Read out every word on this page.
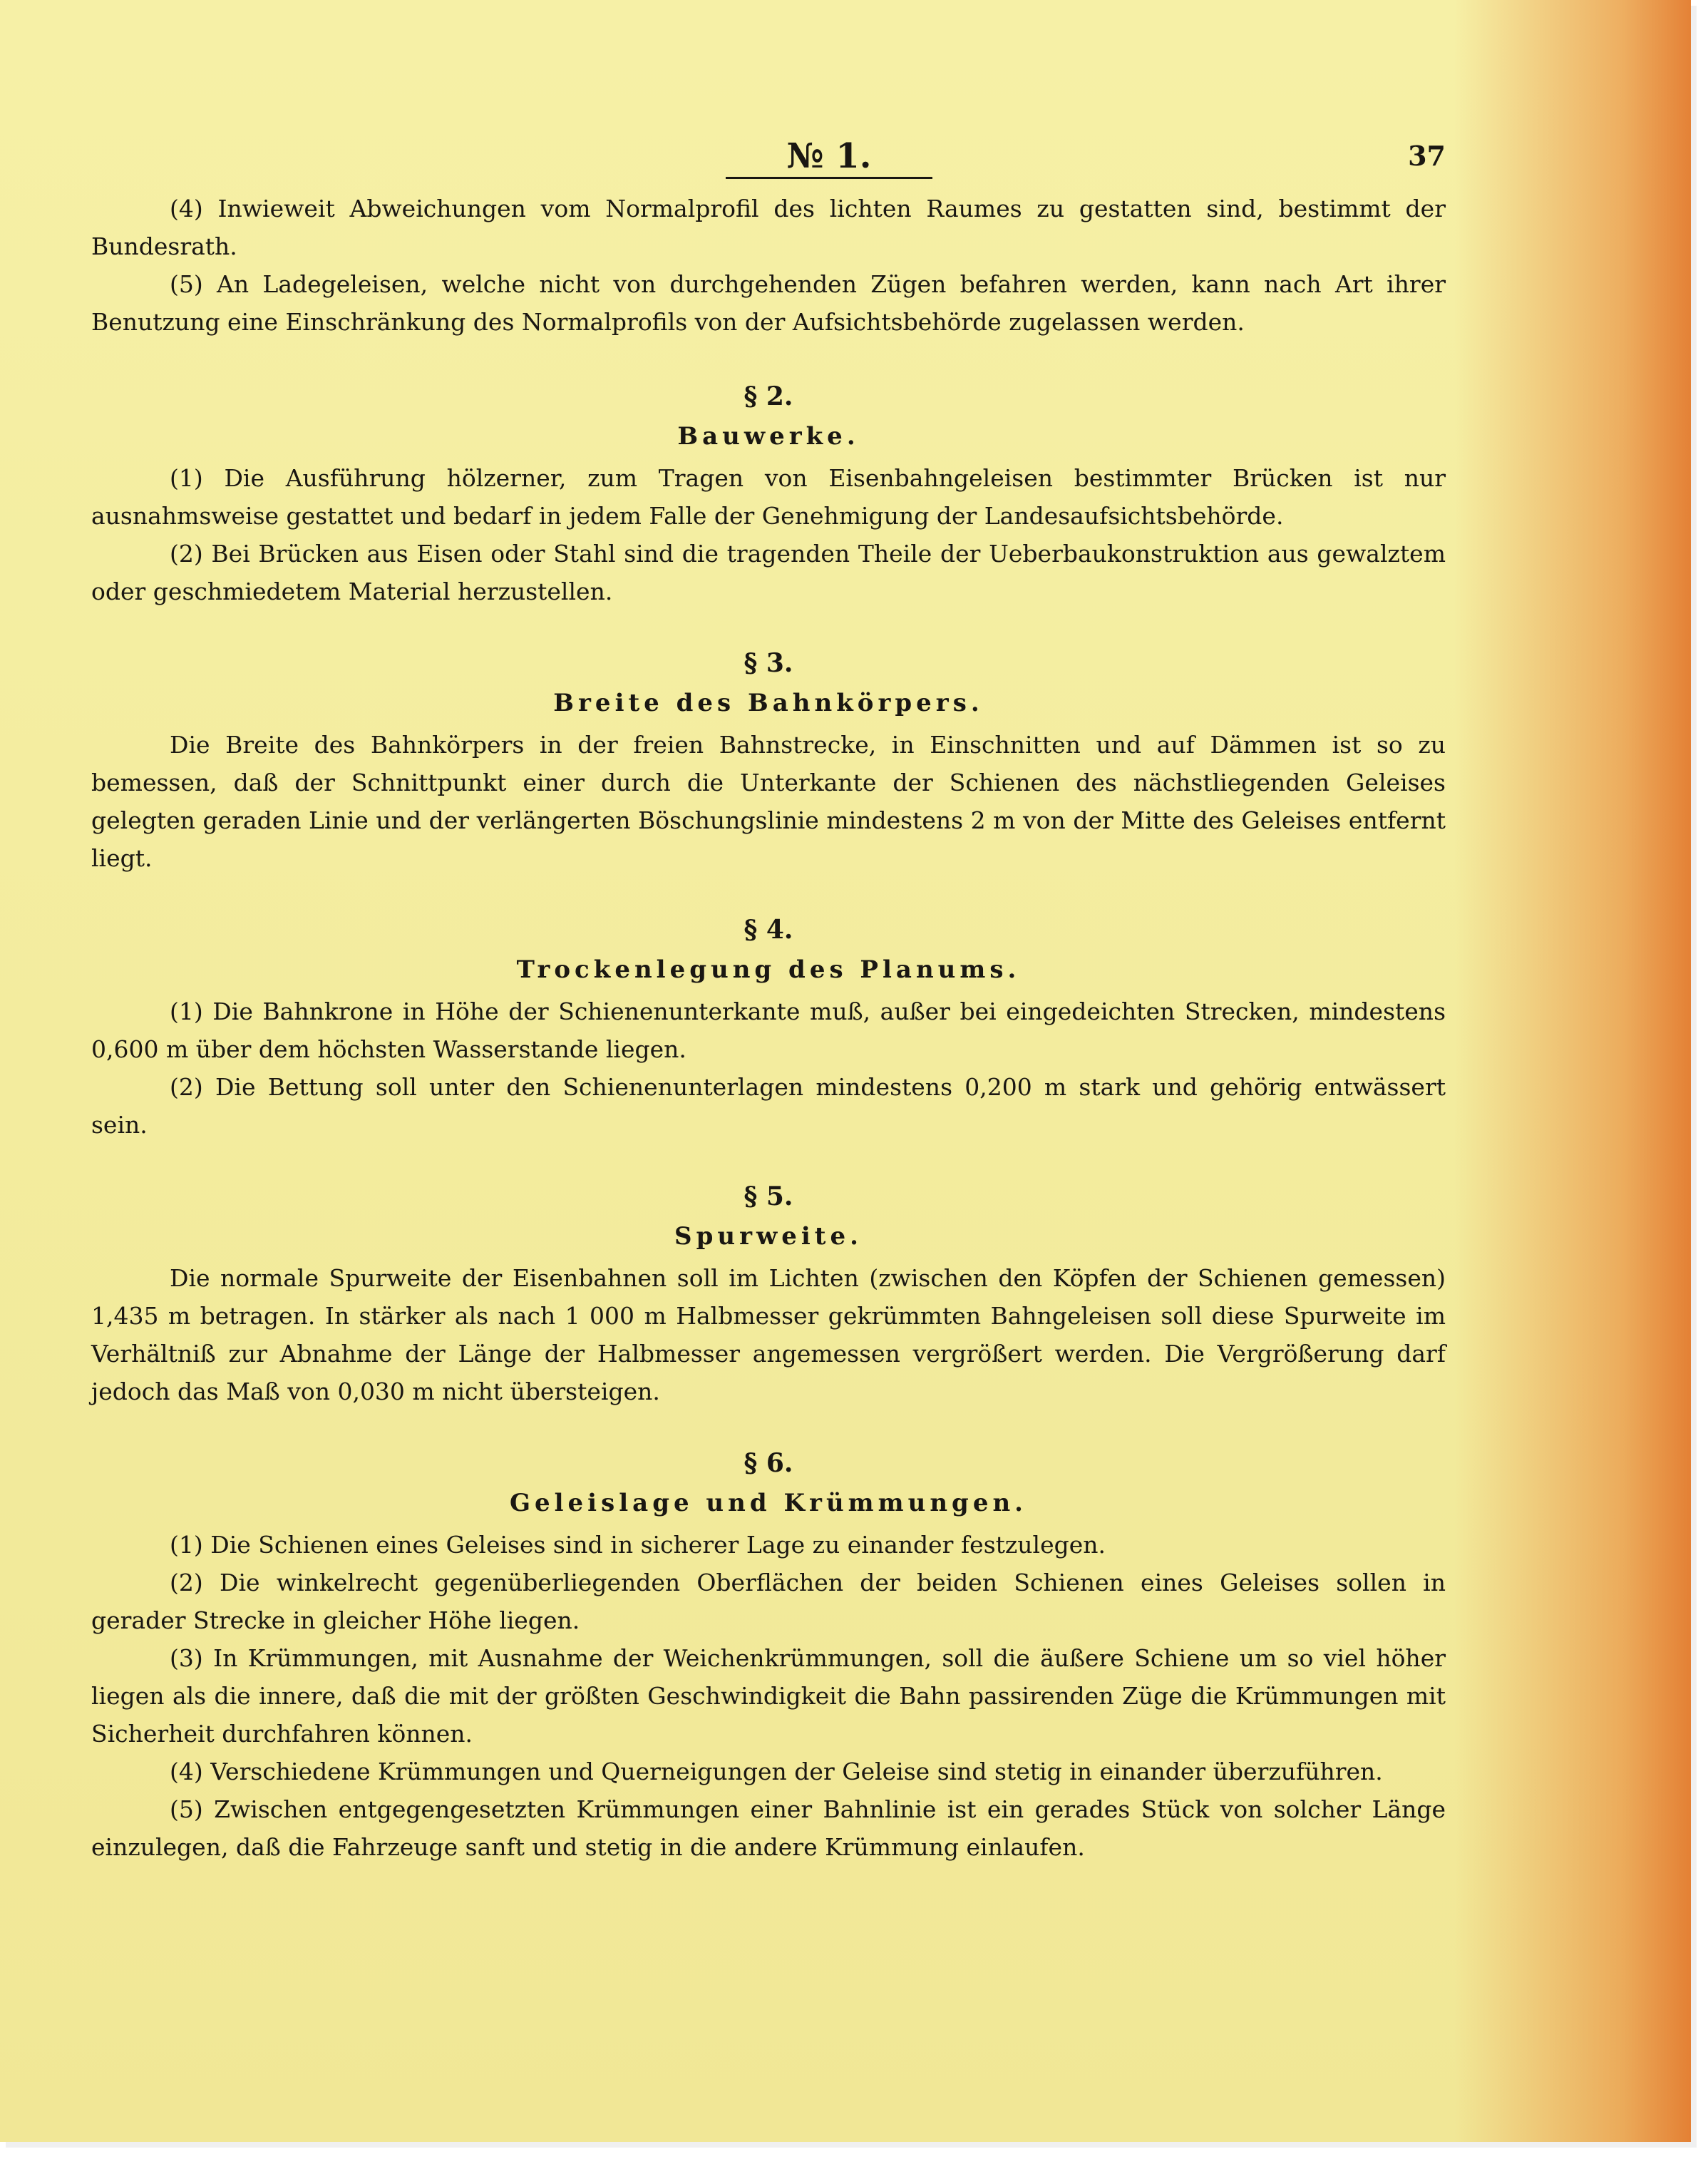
№ 1.	37

(4) Inwieweit Abweichungen vom Normalprofil des lichten Raumes zu gestatten sind, bestimmt der Bundesrath.

(5) An Ladegeleisen, welche nicht von durchgehenden Zügen befahren werden, kann nach Art ihrer Benutzung eine Einschränkung des Normalprofils von der Aufsichtsbehörde zugelassen werden.

§ 2.

Bauwerke.

(1) Die Ausführung hölzerner, zum Tragen von Eisenbahngeleisen bestimmter Brücken ist nur ausnahmsweise gestattet und bedarf in jedem Falle der Genehmigung der Landesaufsichtsbehörde.

(2) Bei Brücken aus Eisen oder Stahl sind die tragenden Theile der Ueberbaukonstruktion aus gewalztem oder geschmiedetem Material herzustellen.

§ 3.

Breite des Bahnkörpers.

Die Breite des Bahnkörpers in der freien Bahnstrecke, in Einschnitten und auf Dämmen ist so zu bemessen, daß der Schnittpunkt einer durch die Unterkante der Schienen des nächstliegenden Geleises gelegten geraden Linie und der verlängerten Böschungslinie mindestens 2 m von der Mitte des Geleises entfernt liegt.

§ 4.

Trockenlegung des Planums.

(1) Die Bahnkrone in Höhe der Schienenunterkante muß, außer bei eingedeichten Strecken, mindestens 0,600 m über dem höchsten Wasserstande liegen.

(2) Die Bettung soll unter den Schienenunterlagen mindestens 0,200 m stark und gehörig entwässert sein.

§ 5.

Spurweite.

Die normale Spurweite der Eisenbahnen soll im Lichten (zwischen den Köpfen der Schienen gemessen) 1,435 m betragen. In stärker als nach 1 000 m Halbmesser gekrümmten Bahngeleisen soll diese Spurweite im Verhältniß zur Abnahme der Länge der Halbmesser angemessen vergrößert werden. Die Vergrößerung darf jedoch das Maß von 0,030 m nicht übersteigen.

§ 6.

Geleislage und Krümmungen.

(1) Die Schienen eines Geleises sind in sicherer Lage zu einander festzulegen.

(2) Die winkelrecht gegenüberliegenden Oberflächen der beiden Schienen eines Geleises sollen in gerader Strecke in gleicher Höhe liegen.

(3) In Krümmungen, mit Ausnahme der Weichenkrümmungen, soll die äußere Schiene um so viel höher liegen als die innere, daß die mit der größten Geschwindigkeit die Bahn passirenden Züge die Krümmungen mit Sicherheit durchfahren können.

(4) Verschiedene Krümmungen und Querneigungen der Geleise sind stetig in einander überzuführen.

(5) Zwischen entgegengesetzten Krümmungen einer Bahnlinie ist ein gerades Stück von solcher Länge einzulegen, daß die Fahrzeuge sanft und stetig in die andere Krümmung einlaufen.
